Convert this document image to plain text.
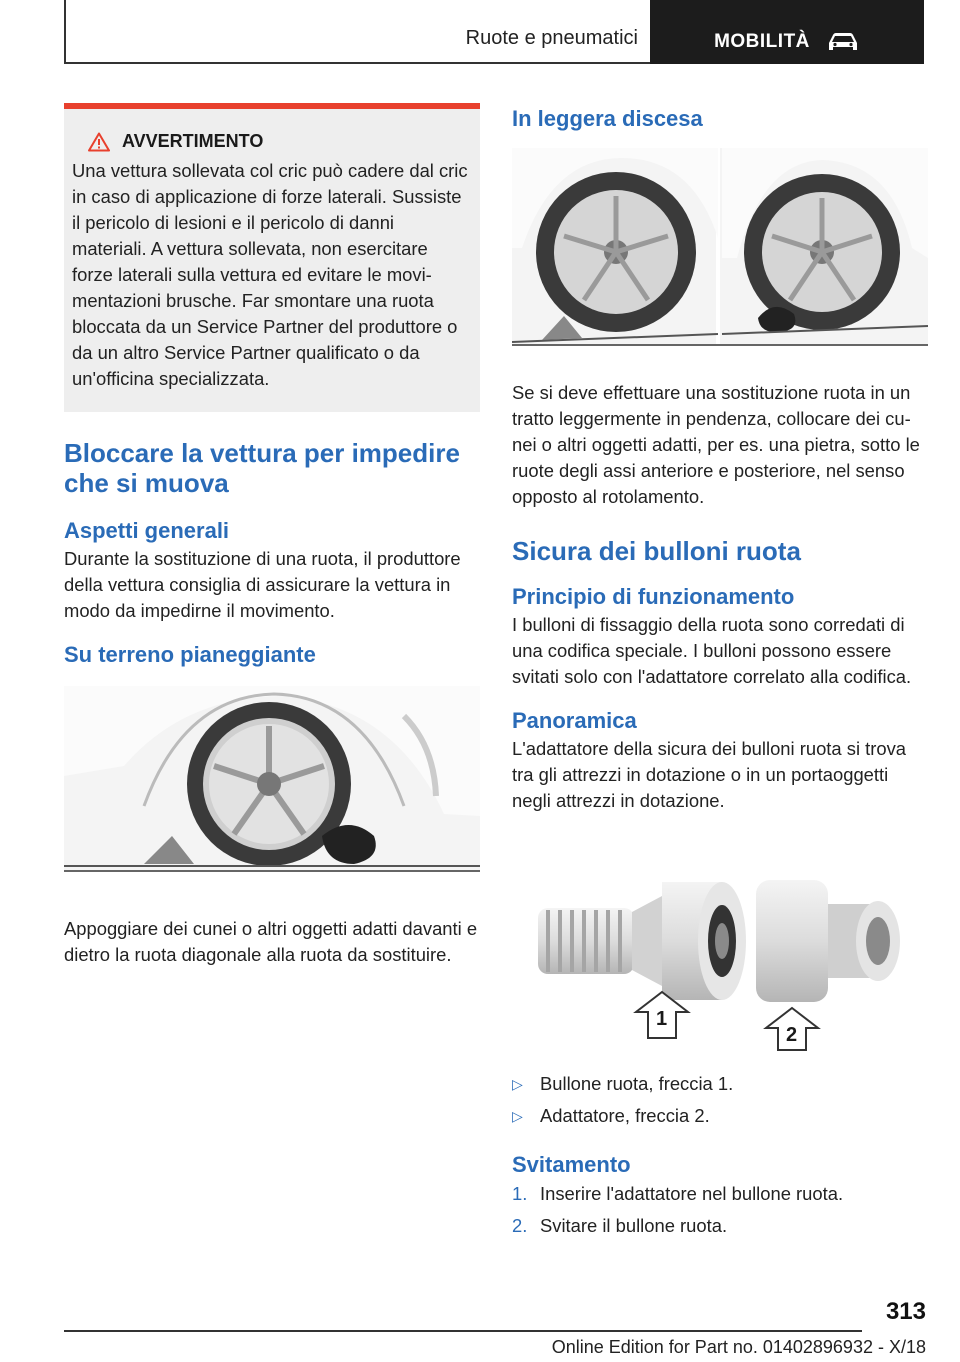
Ruote e pneumatici	MOBILITÀ
AVVERTIMENTO

Una vettura sollevata col cric può cadere dal cric in caso di applicazione di forze laterali. Sussiste il pericolo di lesioni e il pericolo di danni materiali. A vettura sollevata, non esercitare forze laterali sulla vettura ed evitare le movimentazioni brusche. Far smontare una ruota bloccata da un Service Partner del produttore o da un altro Service Partner qualificato o da un'officina specializzata.

Bloccare la vettura per impedire che si muova
Aspetti generali

Durante la sostituzione di una ruota, il produttore della vettura consiglia di assicurare la vettura in modo da impedirne il movimento.

Su terreno pianeggiante

Appoggiare dei cunei o altri oggetti adatti davanti e dietro la ruota diagonale alla ruota da sostituire.

In leggera discesa

Se si deve effettuare una sostituzione ruota in un tratto leggermente in pendenza, collocare dei cunei o altri oggetti adatti, per es. una pietra, sotto le ruote degli assi anteriore e posteriore, nel senso opposto al rotolamento.

Sicura dei bulloni ruota
Principio di funzionamento

I bulloni di fissaggio della ruota sono corredati di una codifica speciale. I bulloni possono essere svitati solo con l'adattatore correlato alla codifica.

Panoramica

L'adattatore della sicura dei bulloni ruota si trova tra gli attrezzi in dotazione o in un portaoggetti negli attrezzi in dotazione.

1
2
▷ Bullone ruota, freccia 1.
▷ Adattatore, freccia 2.
Svitamento
1. Inserire l'adattatore nel bullone ruota.
2. Svitare il bullone ruota.
313
Online Edition for Part no. 01402896932 - X/18
